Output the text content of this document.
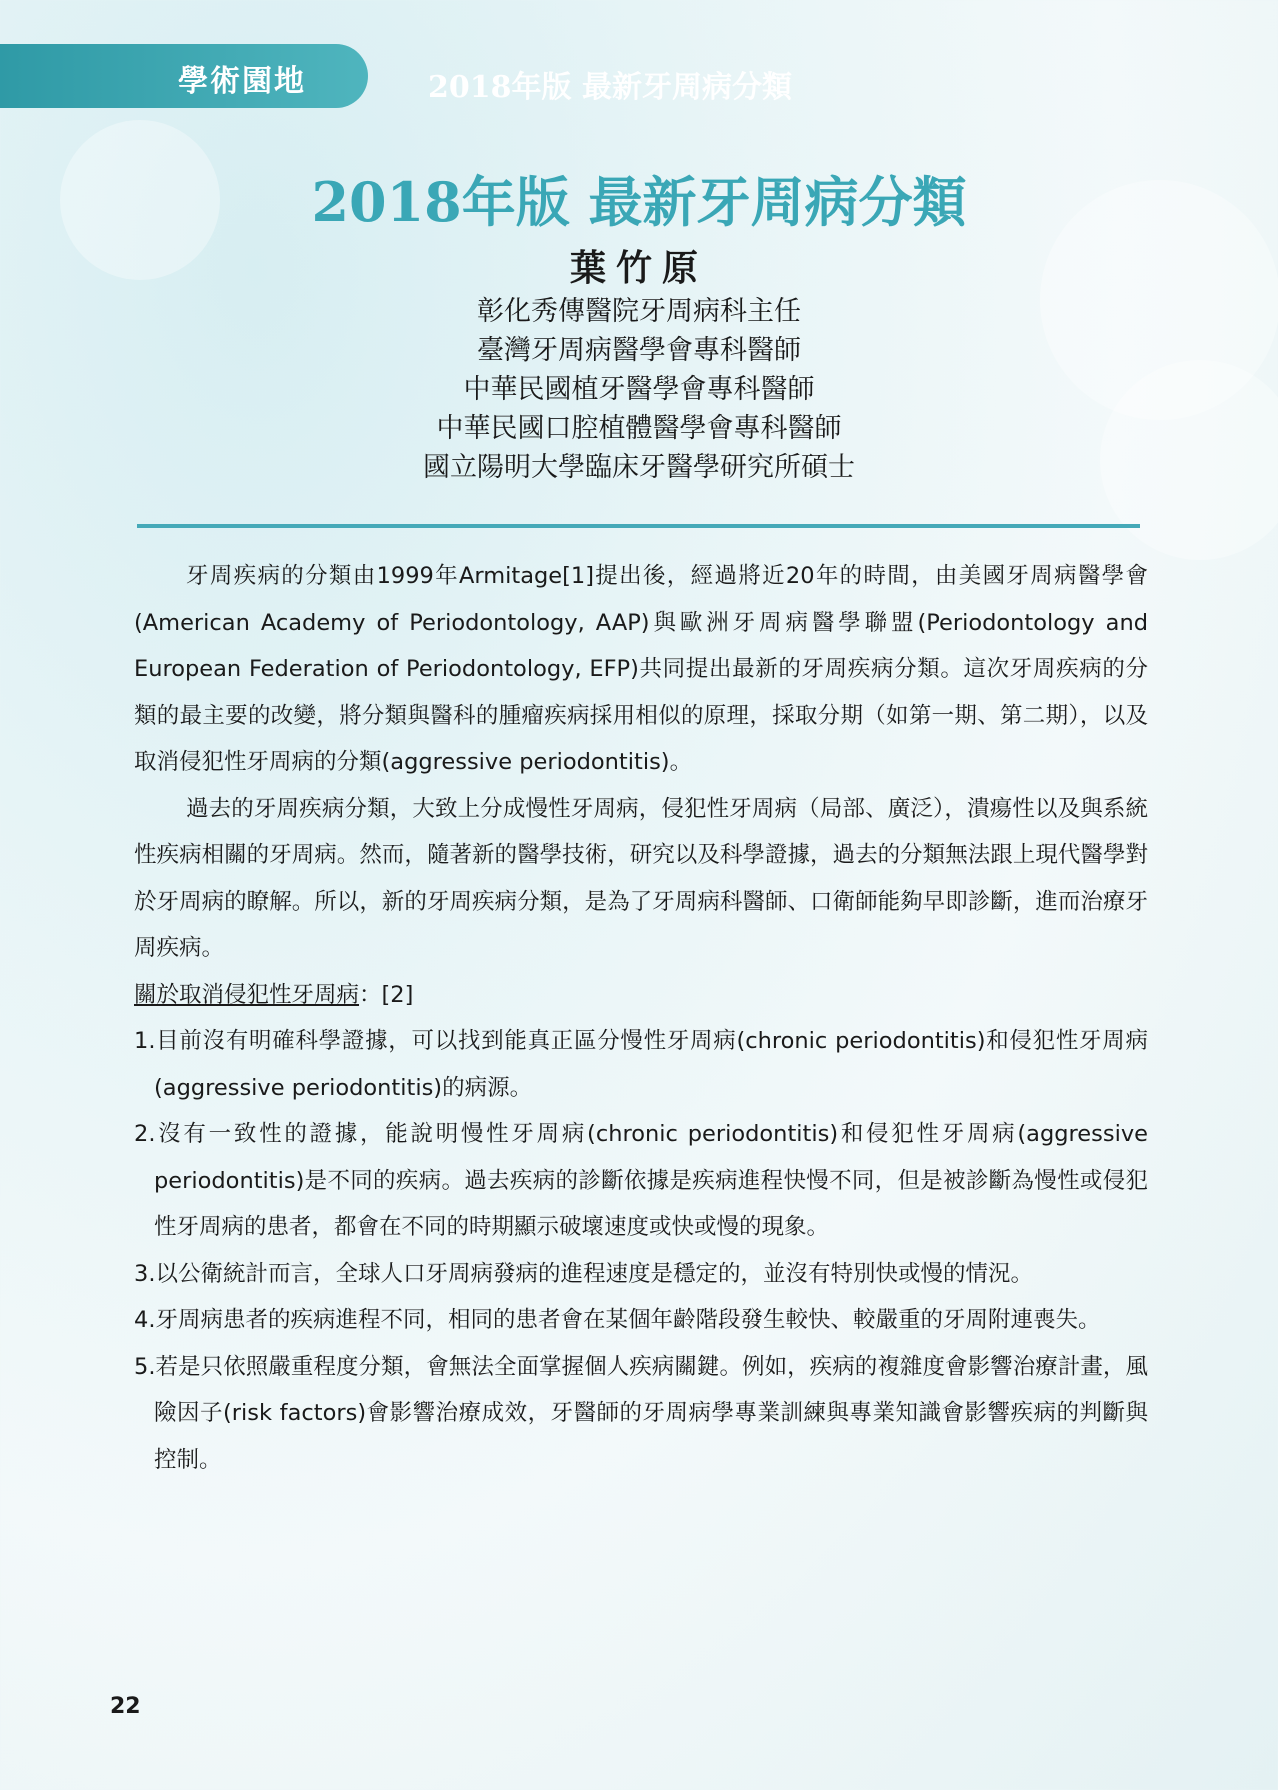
學術園地	2018年版 最新牙周病分類
2018年版 最新牙周病分類
葉竹原
彰化秀傳醫院牙周病科主任
臺灣牙周病醫學會專科醫師
中華民國植牙醫學會專科醫師
中華民國口腔植體醫學會專科醫師
國立陽明大學臨床牙醫學研究所碩士

牙周疾病的分類由1999年Armitage[1]提出後，經過將近20年的時間，由美國牙周病醫學會(American Academy of Periodontology, AAP)與歐洲牙周病醫學聯盟(Periodontology and European Federation of Periodontology, EFP)共同提出最新的牙周疾病分類。這次牙周疾病的分類的最主要的改變，將分類與醫科的腫瘤疾病採用相似的原理，採取分期（如第一期、第二期），以及取消侵犯性牙周病的分類(aggressive periodontitis)。

過去的牙周疾病分類，大致上分成慢性牙周病，侵犯性牙周病（局部、廣泛），潰瘍性以及與系統性疾病相關的牙周病。然而，隨著新的醫學技術，研究以及科學證據，過去的分類無法跟上現代醫學對於牙周病的瞭解。所以，新的牙周疾病分類，是為了牙周病科醫師、口衛師能夠早即診斷，進而治療牙周疾病。

關於取消侵犯性牙周病：[2]

1.目前沒有明確科學證據，可以找到能真正區分慢性牙周病(chronic periodontitis)和侵犯性牙周病(aggressive periodontitis)的病源。

2.沒有一致性的證據，能說明慢性牙周病(chronic periodontitis)和侵犯性牙周病(aggressive periodontitis)是不同的疾病。過去疾病的診斷依據是疾病進程快慢不同，但是被診斷為慢性或侵犯性牙周病的患者，都會在不同的時期顯示破壞速度或快或慢的現象。

3.以公衛統計而言，全球人口牙周病發病的進程速度是穩定的，並沒有特別快或慢的情況。

4.牙周病患者的疾病進程不同，相同的患者會在某個年齡階段發生較快、較嚴重的牙周附連喪失。

5.若是只依照嚴重程度分類，會無法全面掌握個人疾病關鍵。例如，疾病的複雜度會影響治療計畫，風險因子(risk factors)會影響治療成效，牙醫師的牙周病學專業訓練與專業知識會影響疾病的判斷與控制。

22
